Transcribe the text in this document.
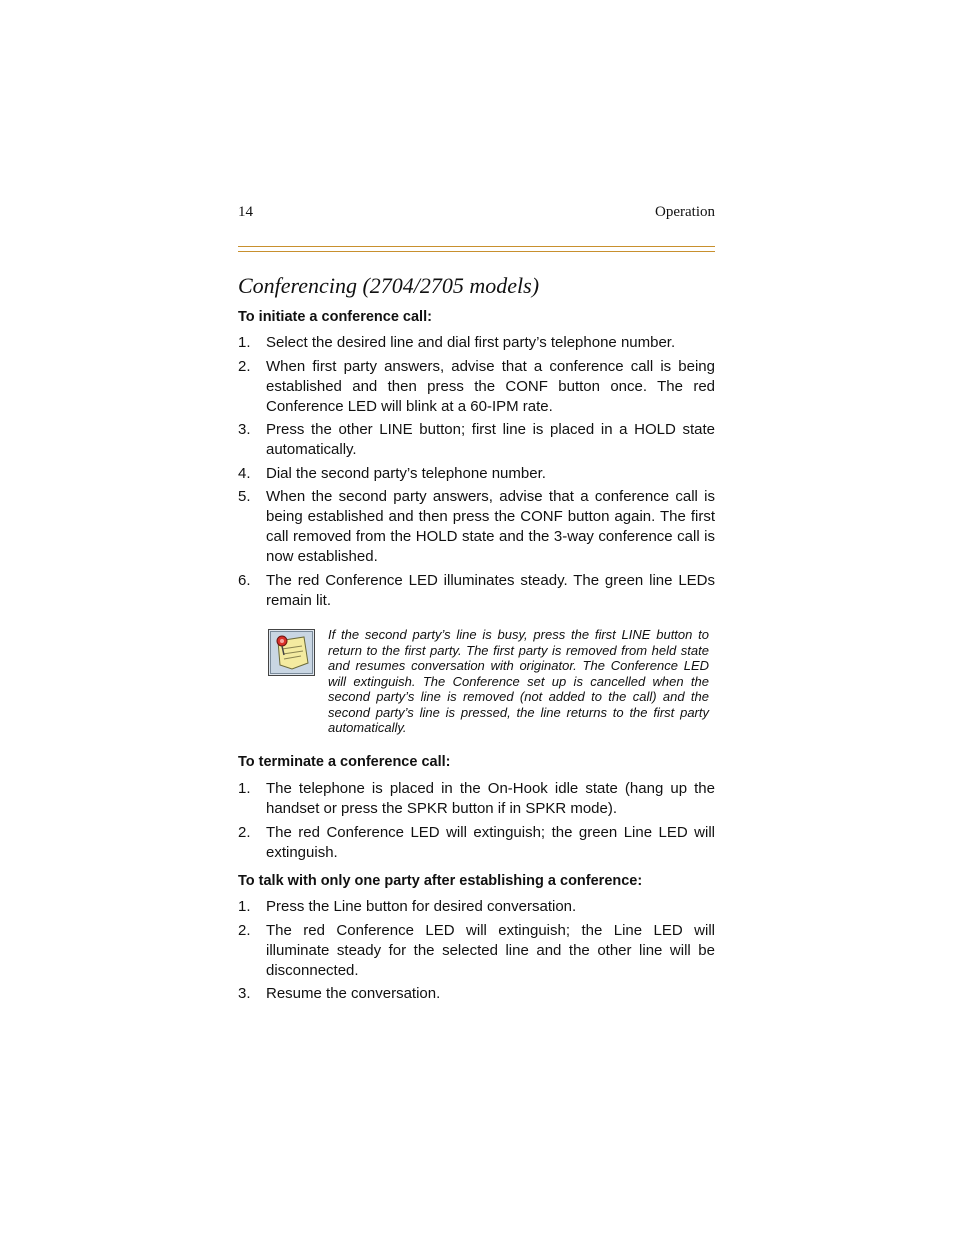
14	Operation
Conferencing (2704/2705 models)
To initiate a conference call:
1. Select the desired line and dial first party’s telephone number.
2. When first party answers, advise that a conference call is being established and then press the CONF button once. The red Conference LED will blink at a 60-IPM rate.
3. Press the other LINE button; first line is placed in a HOLD state automatically.
4. Dial the second party’s telephone number.
5. When the second party answers, advise that a conference call is being established and then press the CONF button again. The first call removed from the HOLD state and the 3-way conference call is now established.
6. The red Conference LED illuminates steady. The green line LEDs remain lit.
If the second party’s line is busy, press the first LINE button to return to the first party. The first party is removed from held state and resumes conversation with originator. The Conference LED will extinguish. The Conference set up is cancelled when the second party’s line is removed (not added to the call) and the second party’s line is pressed, the line returns to the first party automatically.
To terminate a conference call:
1. The telephone is placed in the On-Hook idle state (hang up the handset or press the SPKR button if in SPKR mode).
2. The red Conference LED will extinguish; the green Line LED will extinguish.
To talk with only one party after establishing a conference:
1. Press the Line button for desired conversation.
2. The red Conference LED will extinguish; the Line LED will illuminate steady for the selected line and the other line will be disconnected.
3. Resume the conversation.
